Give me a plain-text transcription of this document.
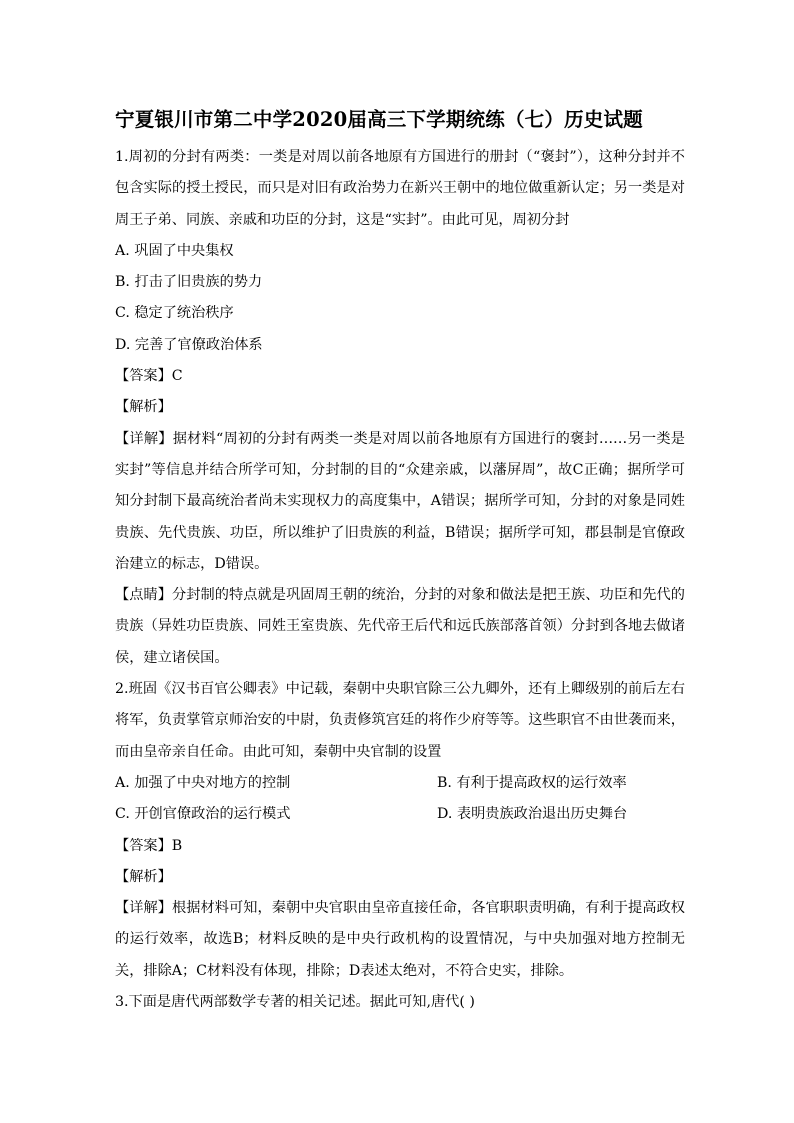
宁夏银川市第二中学2020届高三下学期统练（七）历史试题

1.周初的分封有两类：一类是对周以前各地原有方国进行的册封（“褒封”），这种分封并不包含实际的授土授民，而只是对旧有政治势力在新兴王朝中的地位做重新认定；另一类是对周王子弟、同族、亲戚和功臣的分封，这是“实封”。由此可见，周初分封

A. 巩固了中央集权

B. 打击了旧贵族的势力

C. 稳定了统治秩序

D. 完善了官僚政治体系

【答案】C

【解析】

【详解】据材料“周初的分封有两类一类是对周以前各地原有方国进行的褒封……另一类是实封”等信息并结合所学可知，分封制的目的“众建亲戚，以藩屏周”，故C正确；据所学可知分封制下最高统治者尚未实现权力的高度集中，A错误；据所学可知，分封的对象是同姓贵族、先代贵族、功臣，所以维护了旧贵族的利益，B错误；据所学可知，郡县制是官僚政治建立的标志，D错误。

【点睛】分封制的特点就是巩固周王朝的统治，分封的对象和做法是把王族、功臣和先代的贵族（异姓功臣贵族、同姓王室贵族、先代帝王后代和远氏族部落首领）分封到各地去做诸侯，建立诸侯国。

2.班固《汉书百官公卿表》中记载，秦朝中央职官除三公九卿外，还有上卿级别的前后左右将军，负责掌管京师治安的中尉，负责修筑宫廷的将作少府等等。这些职官不由世袭而来，而由皇帝亲自任命。由此可知，秦朝中央官制的设置

A. 加强了中央对地方的控制	B. 有利于提高政权的运行效率

C. 开创官僚政治的运行模式	D. 表明贵族政治退出历史舞台

【答案】B

【解析】

【详解】根据材料可知，秦朝中央官职由皇帝直接任命，各官职职责明确，有利于提高政权的运行效率，故选B；材料反映的是中央行政机构的设置情况，与中央加强对地方控制无关，排除A；C材料没有体现，排除；D表述太绝对，不符合史实，排除。

3.下面是唐代两部数学专著的相关记述。据此可知,唐代( )
